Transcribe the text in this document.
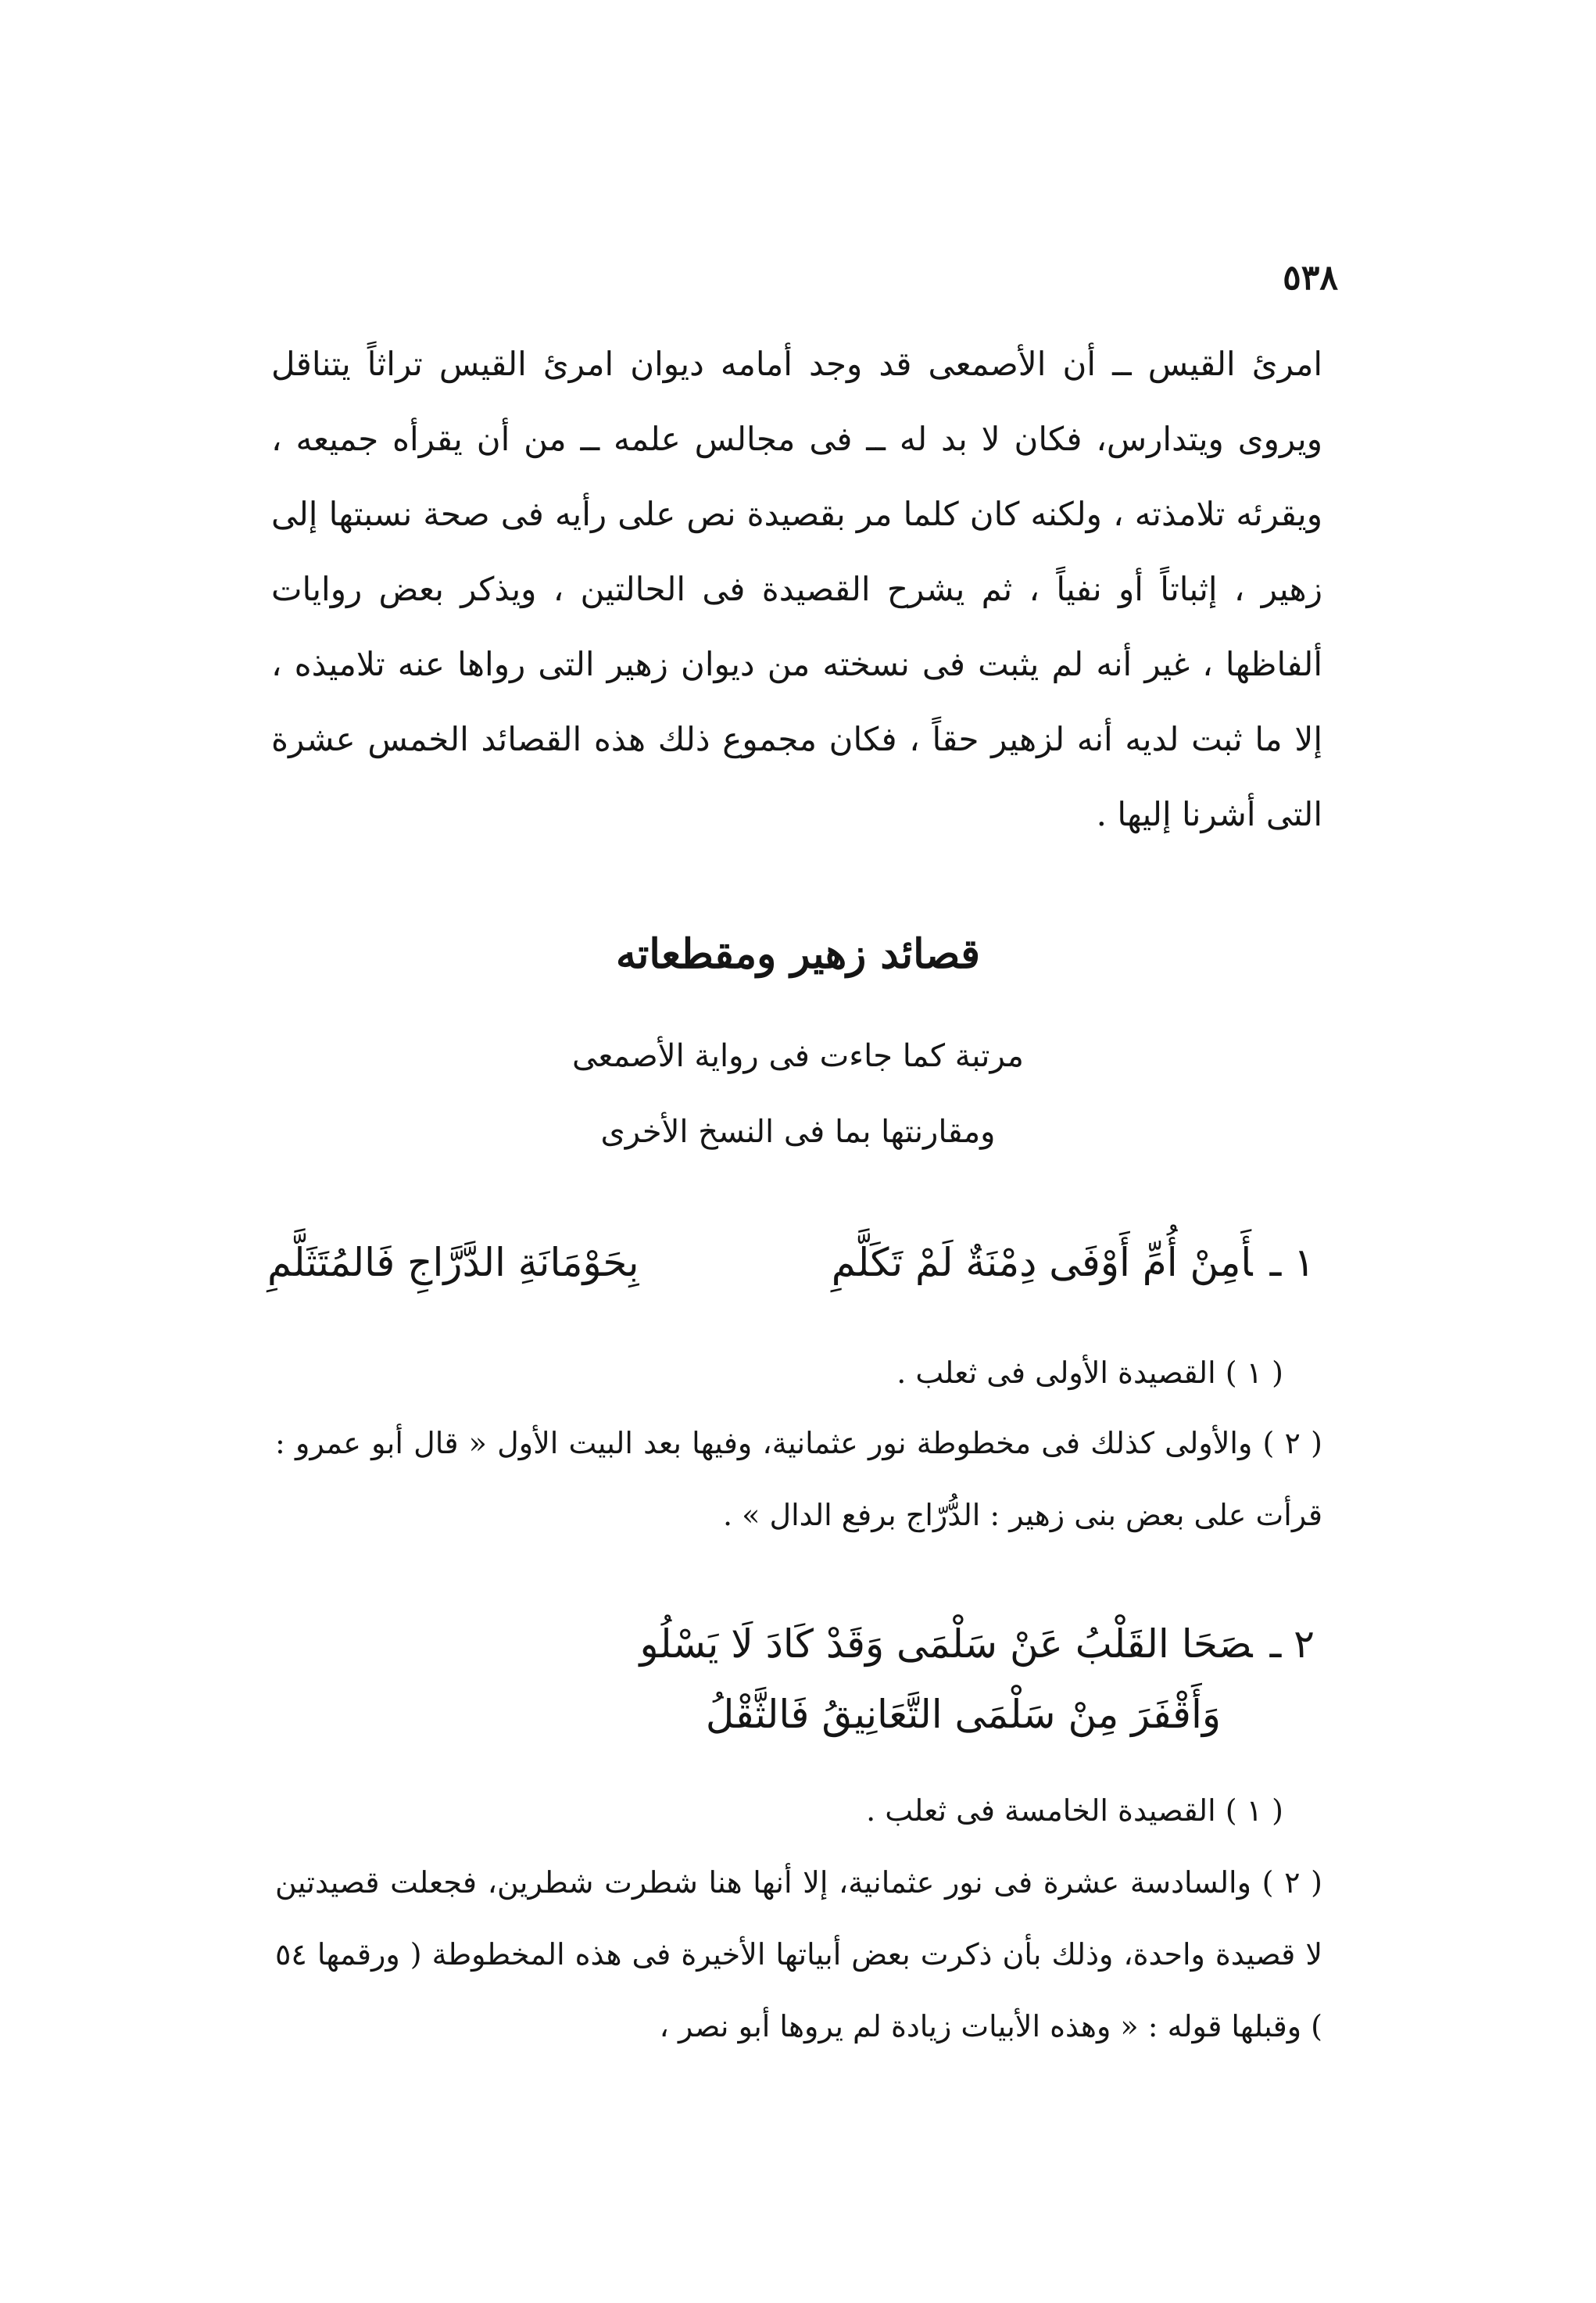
٥٣٨

امرئ القيس ــ أن الأصمعى قد وجد أمامه ديوان امرئ القيس تراثاً يتناقل ويروى ويتدارس، فكان لا بد له ــ فى مجالس علمه ــ من أن يقرأه جميعه ، ويقرئه تلامذته ، ولكنه كان كلما مر بقصيدة نص على رأيه فى صحة نسبتها إلى زهير ، إثباتاً أو نفياً ، ثم يشرح القصيدة فى الحالتين ، ويذكر بعض روايات ألفاظها ، غير أنه لم يثبت فى نسخته من ديوان زهير التى رواها عنه تلاميذه ، إلا ما ثبت لديه أنه لزهير حقاً ، فكان مجموع ذلك هذه القصائد الخمس عشرة التى أشرنا إليها .

قصائد زهير ومقطعاته

مرتبة كما جاءت فى رواية الأصمعى

ومقارنتها بما فى النسخ الأخرى

١ ـأَمِنْ أُمِّ أَوْفَى دِمْنَةٌ لَمْ تَكَلَّمِ
بِحَوْمَانَةِ الدَّرَّاجِ فَالمُتَثَلَّمِ

( ١ ) القصيدة الأولى فى ثعلب .

( ٢ ) والأولى كذلك فى مخطوطة نور عثمانية، وفيها بعد البيت الأول « قال أبو عمرو : قرأت على بعض بنى زهير : الدُّرّاج برفع الدال » .

٢ ـصَحَا القَلْبُ عَنْ سَلْمَى وَقَدْ كَادَ لَا يَسْلُو
وَأَقْفَرَ مِنْ سَلْمَى التَّعَانِيقُ فَالثَّقْلُ

( ١ ) القصيدة الخامسة فى ثعلب .

( ٢ ) والسادسة عشرة فى نور عثمانية، إلا أنها هنا شطرت شطرين، فجعلت قصيدتين لا قصيدة واحدة، وذلك بأن ذكرت بعض أبياتها الأخيرة فى هذه المخطوطة ( ورقمها ٥٤ ) وقبلها قوله : « وهذه الأبيات زيادة لم يروها أبو نصر ،
